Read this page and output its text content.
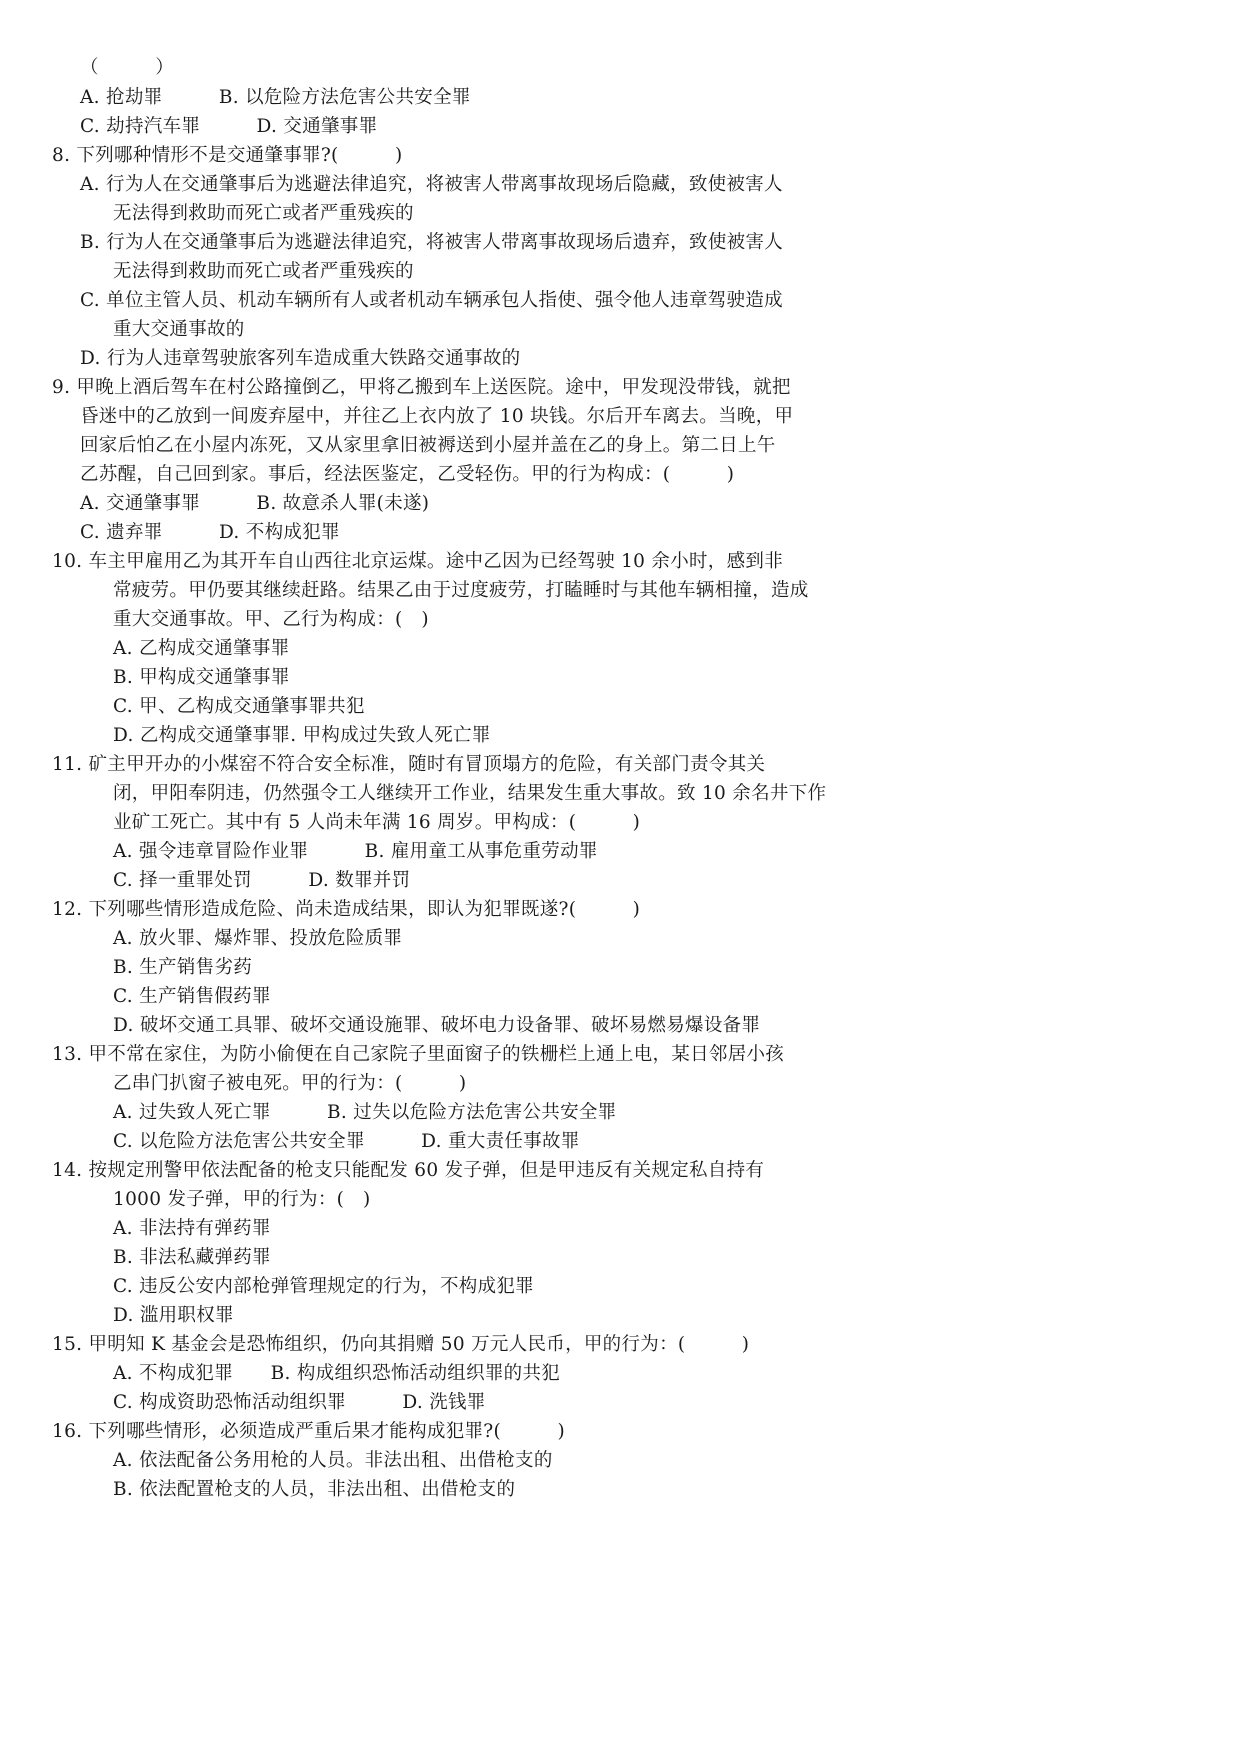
（　　　）
A. 抢劫罪　　　B. 以危险方法危害公共安全罪
C. 劫持汽车罪　　　D. 交通肇事罪
8. 下列哪种情形不是交通肇事罪?(　　　)
A. 行为人在交通肇事后为逃避法律追究，将被害人带离事故现场后隐藏，致使被害人
无法得到救助而死亡或者严重残疾的
B. 行为人在交通肇事后为逃避法律追究，将被害人带离事故现场后遗弃，致使被害人
无法得到救助而死亡或者严重残疾的
C. 单位主管人员、机动车辆所有人或者机动车辆承包人指使、强令他人违章驾驶造成
重大交通事故的
D. 行为人违章驾驶旅客列车造成重大铁路交通事故的
9. 甲晚上酒后驾车在村公路撞倒乙，甲将乙搬到车上送医院。途中，甲发现没带钱，就把
昏迷中的乙放到一间废弃屋中，并往乙上衣内放了 10 块钱。尔后开车离去。当晚，甲
回家后怕乙在小屋内冻死，又从家里拿旧被褥送到小屋并盖在乙的身上。第二日上午
乙苏醒，自己回到家。事后，经法医鉴定，乙受轻伤。甲的行为构成：(　　　)
A. 交通肇事罪　　　B. 故意杀人罪(未遂)
C. 遗弃罪　　　D. 不构成犯罪
10. 车主甲雇用乙为其开车自山西往北京运煤。途中乙因为已经驾驶 10 余小时，感到非
常疲劳。甲仍要其继续赶路。结果乙由于过度疲劳，打瞌睡时与其他车辆相撞，造成
重大交通事故。甲、乙行为构成：(　)
A. 乙构成交通肇事罪
B. 甲构成交通肇事罪
C. 甲、乙构成交通肇事罪共犯
D. 乙构成交通肇事罪. 甲构成过失致人死亡罪
11. 矿主甲开办的小煤窑不符合安全标准，随时有冒顶塌方的危险，有关部门责令其关
闭，甲阳奉阴违，仍然强令工人继续开工作业，结果发生重大事故。致 10 余名井下作
业矿工死亡。其中有 5 人尚未年满 16 周岁。甲构成：(　　　)
A. 强令违章冒险作业罪　　　B. 雇用童工从事危重劳动罪
C. 择一重罪处罚　　　D. 数罪并罚
12. 下列哪些情形造成危险、尚未造成结果，即认为犯罪既遂?(　　　)
A. 放火罪、爆炸罪、投放危险质罪
B. 生产销售劣药
C. 生产销售假药罪
D. 破坏交通工具罪、破坏交通设施罪、破坏电力设备罪、破坏易燃易爆设备罪
13. 甲不常在家住，为防小偷便在自己家院子里面窗子的铁栅栏上通上电，某日邻居小孩
乙串门扒窗子被电死。甲的行为：(　　　)
A. 过失致人死亡罪　　　B. 过失以危险方法危害公共安全罪
C. 以危险方法危害公共安全罪　　　D. 重大责任事故罪
14. 按规定刑警甲依法配备的枪支只能配发 60 发子弹，但是甲违反有关规定私自持有
1000 发子弹，甲的行为：(　)
A. 非法持有弹药罪
B. 非法私藏弹药罪
C. 违反公安内部枪弹管理规定的行为，不构成犯罪
D. 滥用职权罪
15. 甲明知 K 基金会是恐怖组织，仍向其捐赠 50 万元人民币，甲的行为：(　　　)
A. 不构成犯罪　　B. 构成组织恐怖活动组织罪的共犯
C. 构成资助恐怖活动组织罪　　　D. 洗钱罪
16. 下列哪些情形，必须造成严重后果才能构成犯罪?(　　　)
A. 依法配备公务用枪的人员。非法出租、出借枪支的
B. 依法配置枪支的人员，非法出租、出借枪支的
